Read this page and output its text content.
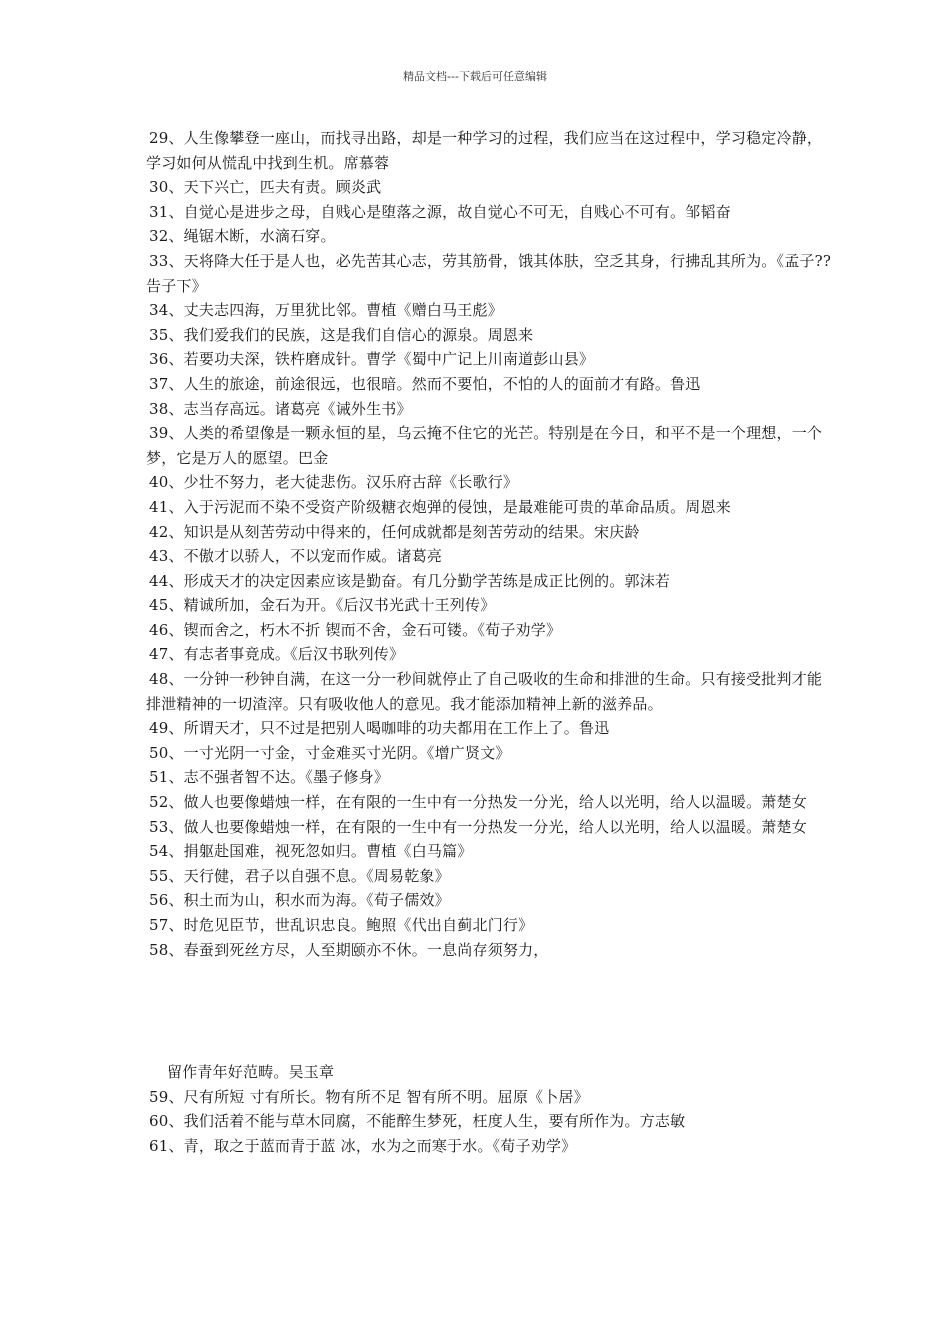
精品文档---下载后可任意编辑

29、人生像攀登一座山，而找寻出路，却是一种学习的过程，我们应当在这过程中，学习稳定冷静，学习如何从慌乱中找到生机。席慕蓉

30、天下兴亡，匹夫有责。顾炎武

31、自觉心是进步之母，自贱心是堕落之源，故自觉心不可无，自贱心不可有。邹韬奋

32、绳锯木断，水滴石穿。

33、天将降大任于是人也，必先苦其心志，劳其筋骨，饿其体肤，空乏其身，行拂乱其所为。《孟子??告子下》

34、丈夫志四海，万里犹比邻。曹植《赠白马王彪》

35、我们爱我们的民族，这是我们自信心的源泉。周恩来

36、若要功夫深，铁杵磨成针。曹学《蜀中广记上川南道彭山县》

37、人生的旅途，前途很远，也很暗。然而不要怕，不怕的人的面前才有路。鲁迅

38、志当存高远。诸葛亮《诫外生书》

39、人类的希望像是一颗永恒的星，乌云掩不住它的光芒。特别是在今日，和平不是一个理想，一个梦，它是万人的愿望。巴金

40、少壮不努力，老大徒悲伤。汉乐府古辞《长歌行》

41、入于污泥而不染不受资产阶级糖衣炮弹的侵蚀，是最难能可贵的革命品质。周恩来

42、知识是从刻苦劳动中得来的，任何成就都是刻苦劳动的结果。宋庆龄

43、不傲才以骄人，不以宠而作威。诸葛亮

44、形成天才的决定因素应该是勤奋。有几分勤学苦练是成正比例的。郭沫若

45、精诚所加，金石为开。《后汉书光武十王列传》

46、锲而舍之，朽木不折 锲而不舍，金石可镂。《荀子劝学》

47、有志者事竟成。《后汉书耿列传》

48、一分钟一秒钟自满，在这一分一秒间就停止了自己吸收的生命和排泄的生命。只有接受批判才能排泄精神的一切渣滓。只有吸收他人的意见。我才能添加精神上新的滋养品。

49、所谓天才，只不过是把别人喝咖啡的功夫都用在工作上了。鲁迅

50、一寸光阴一寸金，寸金难买寸光阴。《增广贤文》

51、志不强者智不达。《墨子修身》

52、做人也要像蜡烛一样，在有限的一生中有一分热发一分光，给人以光明，给人以温暖。萧楚女

53、做人也要像蜡烛一样，在有限的一生中有一分热发一分光，给人以光明，给人以温暖。萧楚女

54、捐躯赴国难，视死忽如归。曹植《白马篇》

55、天行健，君子以自强不息。《周易乾象》

56、积土而为山，积水而为海。《荀子儒效》

57、时危见臣节，世乱识忠良。鲍照《代出自蓟北门行》

58、春蚕到死丝方尽，人至期颐亦不休。一息尚存须努力，

留作青年好范畴。吴玉章

59、尺有所短 寸有所长。物有所不足 智有所不明。屈原《卜居》

60、我们活着不能与草木同腐，不能醉生梦死，枉度人生，要有所作为。方志敏

61、青，取之于蓝而青于蓝 冰，水为之而寒于水。《荀子劝学》
